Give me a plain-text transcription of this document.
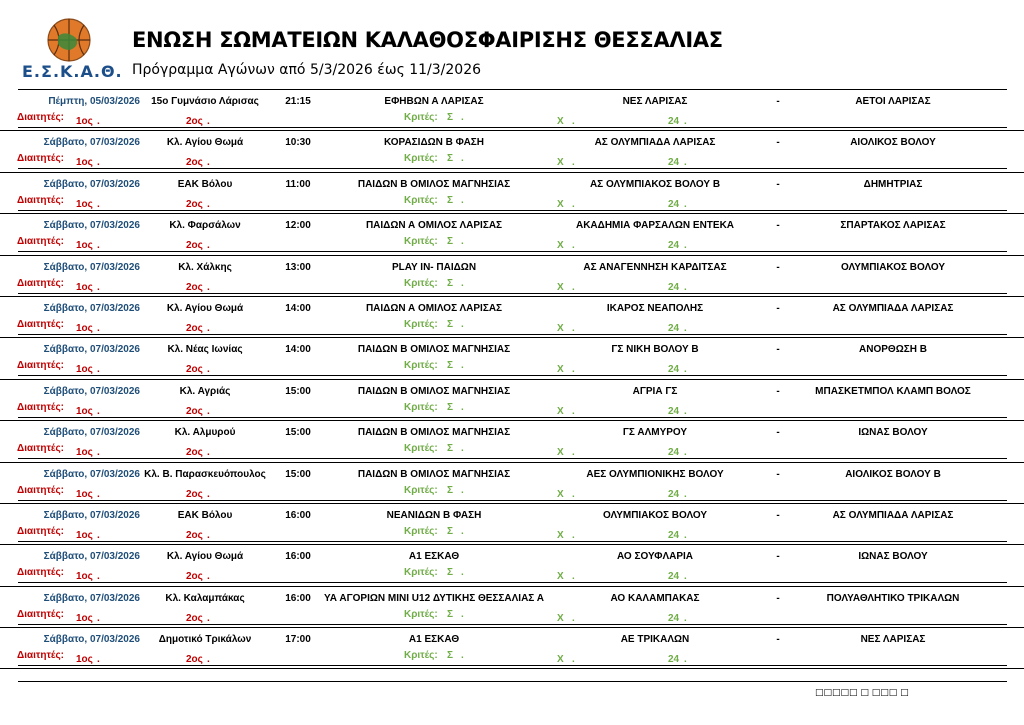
Ε.Σ.Κ.Α.Θ.
ΕΝΩΣΗ ΣΩΜΑΤΕΙΩΝ ΚΑΛΑΘΟΣΦΑΙΡΙΣΗΣ ΘΕΣΣΑΛΙΑΣ
Πρόγραμμα Αγώνων από 5/3/2026 έως 11/3/2026
Πέμπτη, 05/03/2026	15ο Γυμνάσιο Λάρισας	21:15	ΕΦΗΒΩΝ Α ΛΑΡΙΣΑΣ	ΝΕΣ ΛΑΡΙΣΑΣ	ΑΕΤΟΙ ΛΑΡΙΣΑΣ
-
Διαιτητές: 1ος .	2ος .	Κριτές: Σ .	Χ .	24 .
Σάββατο, 07/03/2026	Κλ. Αγίου Θωμά	10:30	ΚΟΡΑΣΙΔΩΝ Β ΦΑΣΗ	ΑΣ ΟΛΥΜΠΙΑΔΑ ΛΑΡΙΣΑΣ	ΑΙΟΛΙΚΟΣ ΒΟΛΟΥ
-
Διαιτητές: 1ος .	2ος .	Κριτές: Σ .	Χ .	24 .
Σάββατο, 07/03/2026	ΕΑΚ Βόλου	11:00	ΠΑΙΔΩΝ Β ΟΜΙΛΟΣ ΜΑΓΝΗΣΙΑΣ	ΑΣ ΟΛΥΜΠΙΑΚΟΣ ΒΟΛΟΥ Β	ΔΗΜΗΤΡΙΑΣ
-
Διαιτητές: 1ος .	2ος .	Κριτές: Σ .	Χ .	24 .
Σάββατο, 07/03/2026	Κλ. Φαρσάλων	12:00	ΠΑΙΔΩΝ Α ΟΜΙΛΟΣ ΛΑΡΙΣΑΣ	ΑΚΑΔΗΜΙΑ ΦΑΡΣΑΛΩΝ ΕΝΤΕΚΑ	ΣΠΑΡΤΑΚΟΣ ΛΑΡΙΣΑΣ
-
Διαιτητές: 1ος .	2ος .	Κριτές: Σ .	Χ .	24 .
Σάββατο, 07/03/2026	Κλ. Χάλκης	13:00	PLAY IN- ΠΑΙΔΩΝ	ΑΣ ΑΝΑΓΕΝΝΗΣΗ ΚΑΡΔΙΤΣΑΣ	ΟΛΥΜΠΙΑΚΟΣ ΒΟΛΟΥ
-
Διαιτητές: 1ος .	2ος .	Κριτές: Σ .	Χ .	24 .
Σάββατο, 07/03/2026	Κλ. Αγίου Θωμά	14:00	ΠΑΙΔΩΝ Α ΟΜΙΛΟΣ ΛΑΡΙΣΑΣ	ΙΚΑΡΟΣ ΝΕΑΠΟΛΗΣ	ΑΣ ΟΛΥΜΠΙΑΔΑ ΛΑΡΙΣΑΣ
-
Διαιτητές: 1ος .	2ος .	Κριτές: Σ .	Χ .	24 .
Σάββατο, 07/03/2026	Κλ. Νέας Ιωνίας	14:00	ΠΑΙΔΩΝ Β ΟΜΙΛΟΣ ΜΑΓΝΗΣΙΑΣ	ΓΣ ΝΙΚΗ ΒΟΛΟΥ Β	ΑΝΟΡΘΩΣΗ Β
-
Διαιτητές: 1ος .	2ος .	Κριτές: Σ .	Χ .	24 .
Σάββατο, 07/03/2026	Κλ. Αγριάς	15:00	ΠΑΙΔΩΝ Β ΟΜΙΛΟΣ ΜΑΓΝΗΣΙΑΣ	ΑΓΡΙΑ ΓΣ	ΜΠΑΣΚΕΤΜΠΟΛ ΚΛΑΜΠ ΒΟΛΟΣ
-
Διαιτητές: 1ος .	2ος .	Κριτές: Σ .	Χ .	24 .
Σάββατο, 07/03/2026	Κλ. Αλμυρού	15:00	ΠΑΙΔΩΝ Β ΟΜΙΛΟΣ ΜΑΓΝΗΣΙΑΣ	ΓΣ ΑΛΜΥΡΟΥ	ΙΩΝΑΣ ΒΟΛΟΥ
-
Διαιτητές: 1ος .	2ος .	Κριτές: Σ .	Χ .	24 .
Σάββατο, 07/03/2026 Κλ. Β. Παρασκευόπουλος	15:00	ΠΑΙΔΩΝ Β ΟΜΙΛΟΣ ΜΑΓΝΗΣΙΑΣ	ΑΕΣ ΟΛΥΜΠΙΟΝΙΚΗΣ ΒΟΛΟΥ	ΑΙΟΛΙΚΟΣ ΒΟΛΟΥ Β
-
Διαιτητές: 1ος .	2ος .	Κριτές: Σ .	Χ .	24 .
Σάββατο, 07/03/2026	ΕΑΚ Βόλου	16:00	ΝΕΑΝΙΔΩΝ Β ΦΑΣΗ	ΟΛΥΜΠΙΑΚΟΣ ΒΟΛΟΥ	ΑΣ ΟΛΥΜΠΙΑΔΑ ΛΑΡΙΣΑΣ
-
Διαιτητές: 1ος .	2ος .	Κριτές: Σ .	Χ .	24 .
Σάββατο, 07/03/2026	Κλ. Αγίου Θωμά	16:00	Α1 ΕΣΚΑΘ	ΑΟ ΣΟΥΦΛΑΡΙΑ	ΙΩΝΑΣ ΒΟΛΟΥ
-
Διαιτητές: 1ος .	2ος .	Κριτές: Σ .	Χ .	24 .
Σάββατο, 07/03/2026	Κλ. Καλαμπάκας	16:00	ΥΑ ΑΓΟΡΙΩΝ MINI U12 ΔΥΤΙΚΗΣ ΘΕΣΣΑΛΙΑΣ Α	ΑΟ ΚΑΛΑΜΠΑΚΑΣ	ΠΟΛΥΑΘΛΗΤΙΚΟ ΤΡΙΚΑΛΩΝ
-
Διαιτητές: 1ος .	2ος .	Κριτές: Σ .	Χ .	24 .
Σάββατο, 07/03/2026	Δημοτικό Τρικάλων	17:00	Α1 ΕΣΚΑΘ	ΑΕ ΤΡΙΚΑΛΩΝ	ΝΕΣ ΛΑΡΙΣΑΣ
-
Διαιτητές: 1ος .	2ος .	Κριτές: Σ .	Χ .	24 .
□□□□□ □ □□□ □
